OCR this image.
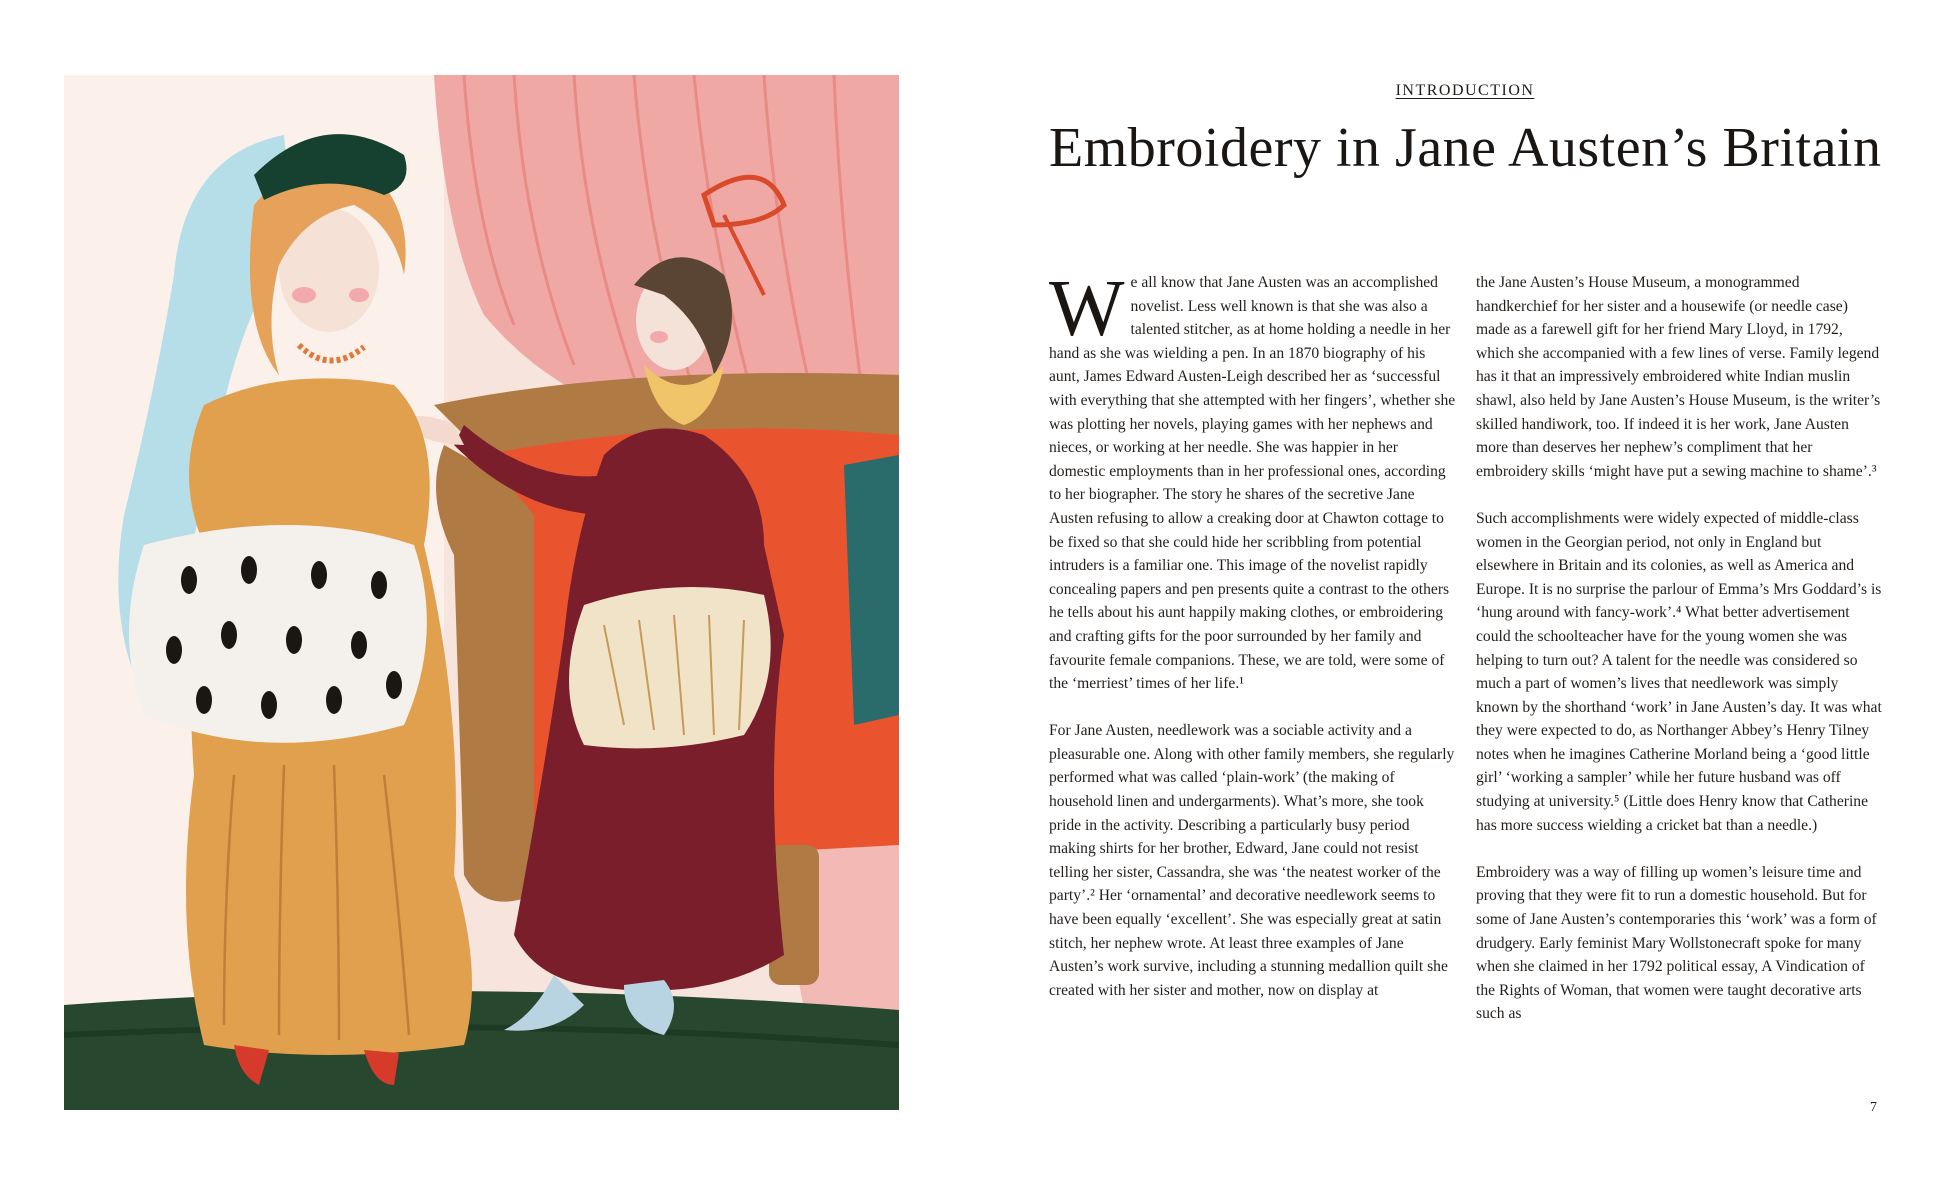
INTRODUCTION
Embroidery in Jane Austen’s Britain

We all know that Jane Austen was an accomplished novelist. Less well known is that she was also a talented stitcher, as at home holding a needle in her hand as she was wielding a pen. In an 1870 biography of his aunt, James Edward Austen-Leigh described her as ‘successful with everything that she attempted with her fingers’, whether she was plotting her novels, playing games with her nephews and nieces, or working at her needle. She was happier in her domestic employments than in her professional ones, according to her biographer. The story he shares of the secretive Jane Austen refusing to allow a creaking door at Chawton cottage to be fixed so that she could hide her scribbling from potential intruders is a familiar one. This image of the novelist rapidly concealing papers and pen presents quite a contrast to the others he tells about his aunt happily making clothes, or embroidering and crafting gifts for the poor surrounded by her family and favourite female companions. These, we are told, were some of the ‘merriest’ times of her life.¹

For Jane Austen, needlework was a sociable activity and a pleasurable one. Along with other family members, she regularly performed what was called ‘plain-work’ (the making of household linen and undergarments). What’s more, she took pride in the activity. Describing a particularly busy period making shirts for her brother, Edward, Jane could not resist telling her sister, Cassandra, she was ‘the neatest worker of the party’.² Her ‘ornamental’ and decorative needlework seems to have been equally ‘excellent’. She was especially great at satin stitch, her nephew wrote. At least three examples of Jane Austen’s work survive, including a stunning medallion quilt she created with her sister and mother, now on display at

the Jane Austen’s House Museum, a monogrammed handkerchief for her sister and a housewife (or needle case) made as a farewell gift for her friend Mary Lloyd, in 1792, which she accompanied with a few lines of verse. Family legend has it that an impressively embroidered white Indian muslin shawl, also held by Jane Austen’s House Museum, is the writer’s skilled handiwork, too. If indeed it is her work, Jane Austen more than deserves her nephew’s compliment that her embroidery skills ‘might have put a sewing machine to shame’.³

Such accomplishments were widely expected of middle-class women in the Georgian period, not only in England but elsewhere in Britain and its colonies, as well as America and Europe. It is no surprise the parlour of Emma’s Mrs Goddard’s is ‘hung around with fancy-work’.⁴ What better advertisement could the schoolteacher have for the young women she was helping to turn out? A talent for the needle was considered so much a part of women’s lives that needlework was simply known by the shorthand ‘work’ in Jane Austen’s day. It was what they were expected to do, as Northanger Abbey’s Henry Tilney notes when he imagines Catherine Morland being a ‘good little girl’ ‘working a sampler’ while her future husband was off studying at university.⁵ (Little does Henry know that Catherine has more success wielding a cricket bat than a needle.)

Embroidery was a way of filling up women’s leisure time and proving that they were fit to run a domestic household. But for some of Jane Austen’s contemporaries this ‘work’ was a form of drudgery. Early feminist Mary Wollstonecraft spoke for many when she claimed in her 1792 political essay, A Vindication of the Rights of Woman, that women were taught decorative arts such as

7
